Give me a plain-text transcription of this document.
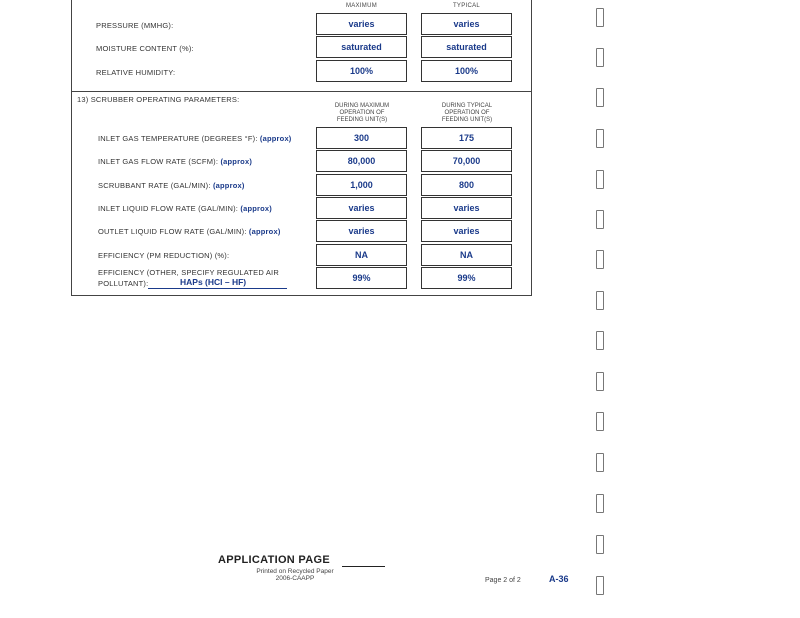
MAXIMUM	TYPICAL
PRESSURE (MMHG):	varies	varies
MOISTURE CONTENT (%):	saturated	saturated
RELATIVE HUMIDITY:	100%	100%
13) SCRUBBER OPERATING PARAMETERS:
DURING MAXIMUM OPERATION OF FEEDING UNIT(S)
DURING TYPICAL OPERATION OF FEEDING UNIT(S)
INLET GAS TEMPERATURE (DEGREES °F): (approx)	300	175
INLET GAS FLOW RATE (SCFM): (approx)	80,000	70,000
SCRUBBANT RATE (GAL/MIN): (approx)	1,000	800
INLET LIQUID FLOW RATE (GAL/MIN): (approx)	varies	varies
OUTLET LIQUID FLOW RATE (GAL/MIN): (approx)	varies	varies
EFFICIENCY (PM REDUCTION) (%):	NA	NA
EFFICIENCY (OTHER, SPECIFY REGULATED AIR
POLLUTANT):	HAPs (HCl – HF)	99%	99%
APPLICATION PAGE
Printed on Recycled Paper
2006-CAAPP	Page 2 of 2	A-36
